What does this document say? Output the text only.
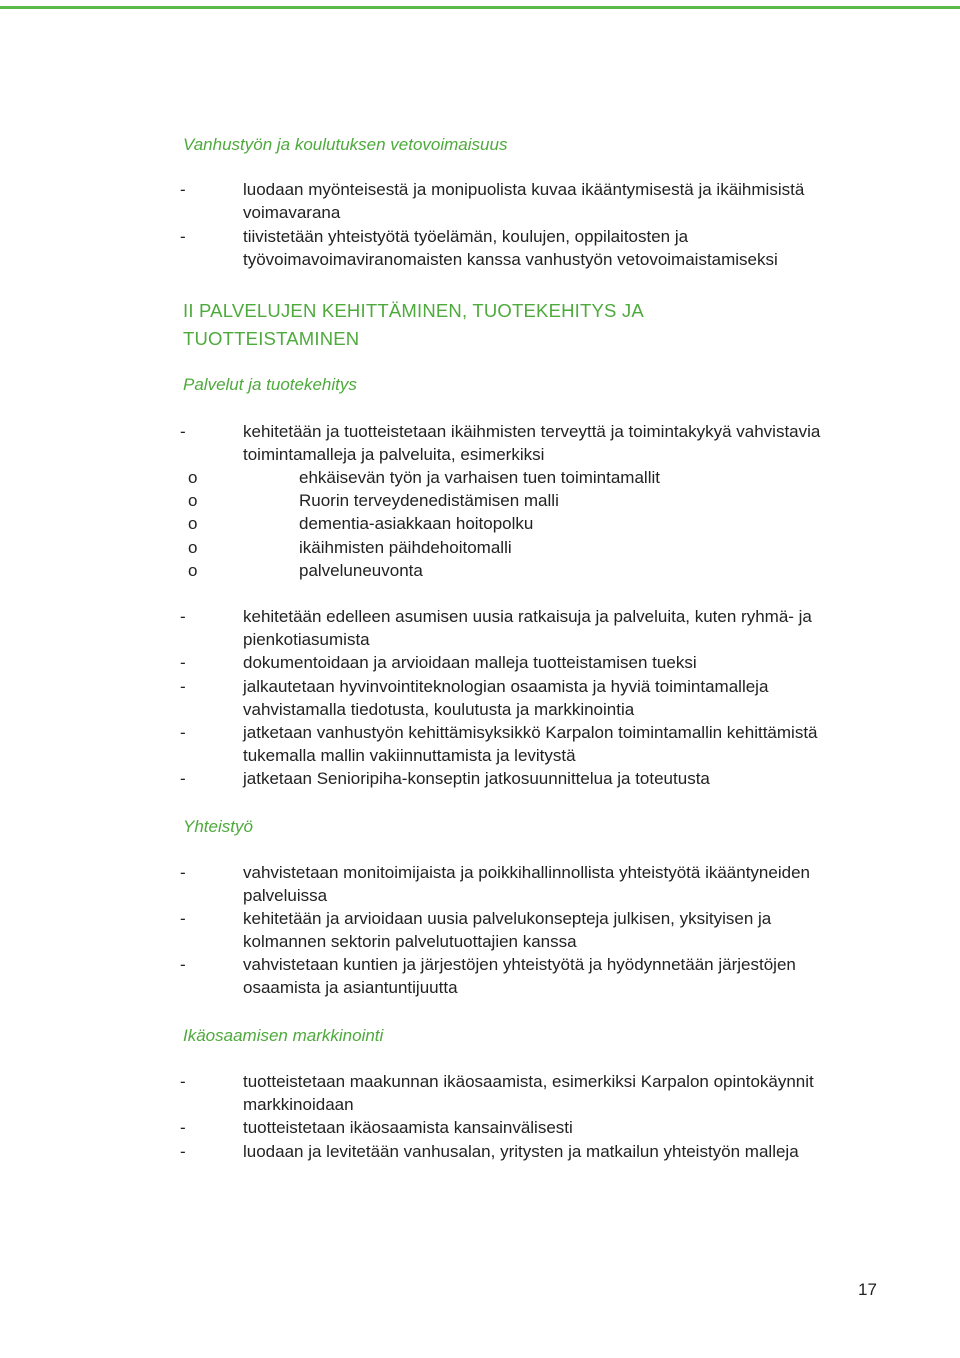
Vanhustyön ja koulutuksen vetovoimaisuus
-	luodaan myönteisestä ja monipuolista kuvaa ikääntymisestä ja ikäihmisistä voimavarana
-	tiivistetään yhteistyötä työelämän, koulujen, oppilaitosten ja työvoimavoimaviranomaisten kanssa vanhustyön vetovoimaistamiseksi
II PALVELUJEN KEHITTÄMINEN, TUOTEKEHITYS JA TUOTTEISTAMINEN
Palvelut ja tuotekehitys
-	kehitetään ja tuotteistetaan ikäihmisten terveyttä ja toimintakykyä vahvistavia toimintamalleja ja palveluita, esimerkiksi
o	ehkäisevän työn ja varhaisen tuen toimintamallit
o	Ruorin terveydenedistämisen malli
o	dementia-asiakkaan hoitopolku
o	ikäihmisten päihdehoitomalli
o	palveluneuvonta
-	kehitetään edelleen asumisen uusia ratkaisuja ja palveluita, kuten ryhmä- ja pienkotiasumista
-	dokumentoidaan ja arvioidaan malleja tuotteistamisen tueksi
-	jalkautetaan hyvinvointiteknologian osaamista ja hyviä toimintamalleja vahvistamalla tiedotusta, koulutusta ja markkinointia
-	jatketaan vanhustyön kehittämisyksikkö Karpalon toimintamallin kehittämistä tukemalla mallin vakiinnuttamista ja levitystä
-	jatketaan Senioripiha-konseptin jatkosuunnittelua ja toteutusta
Yhteistyö
-	vahvistetaan monitoimijaista ja poikkihallinnollista yhteistyötä ikääntyneiden palveluissa
-	kehitetään ja arvioidaan uusia palvelukonsepteja julkisen, yksityisen ja kolmannen sektorin palvelutuottajien kanssa
-	vahvistetaan kuntien ja järjestöjen yhteistyötä ja hyödynnetään järjestöjen osaamista ja asiantuntijuutta
Ikäosaamisen markkinointi
-	tuotteistetaan maakunnan ikäosaamista, esimerkiksi Karpalon opintokäynnit markkinoidaan
-	tuotteistetaan ikäosaamista kansainvälisesti
-	luodaan ja levitetään vanhusalan, yritysten ja matkailun yhteistyön malleja
17
